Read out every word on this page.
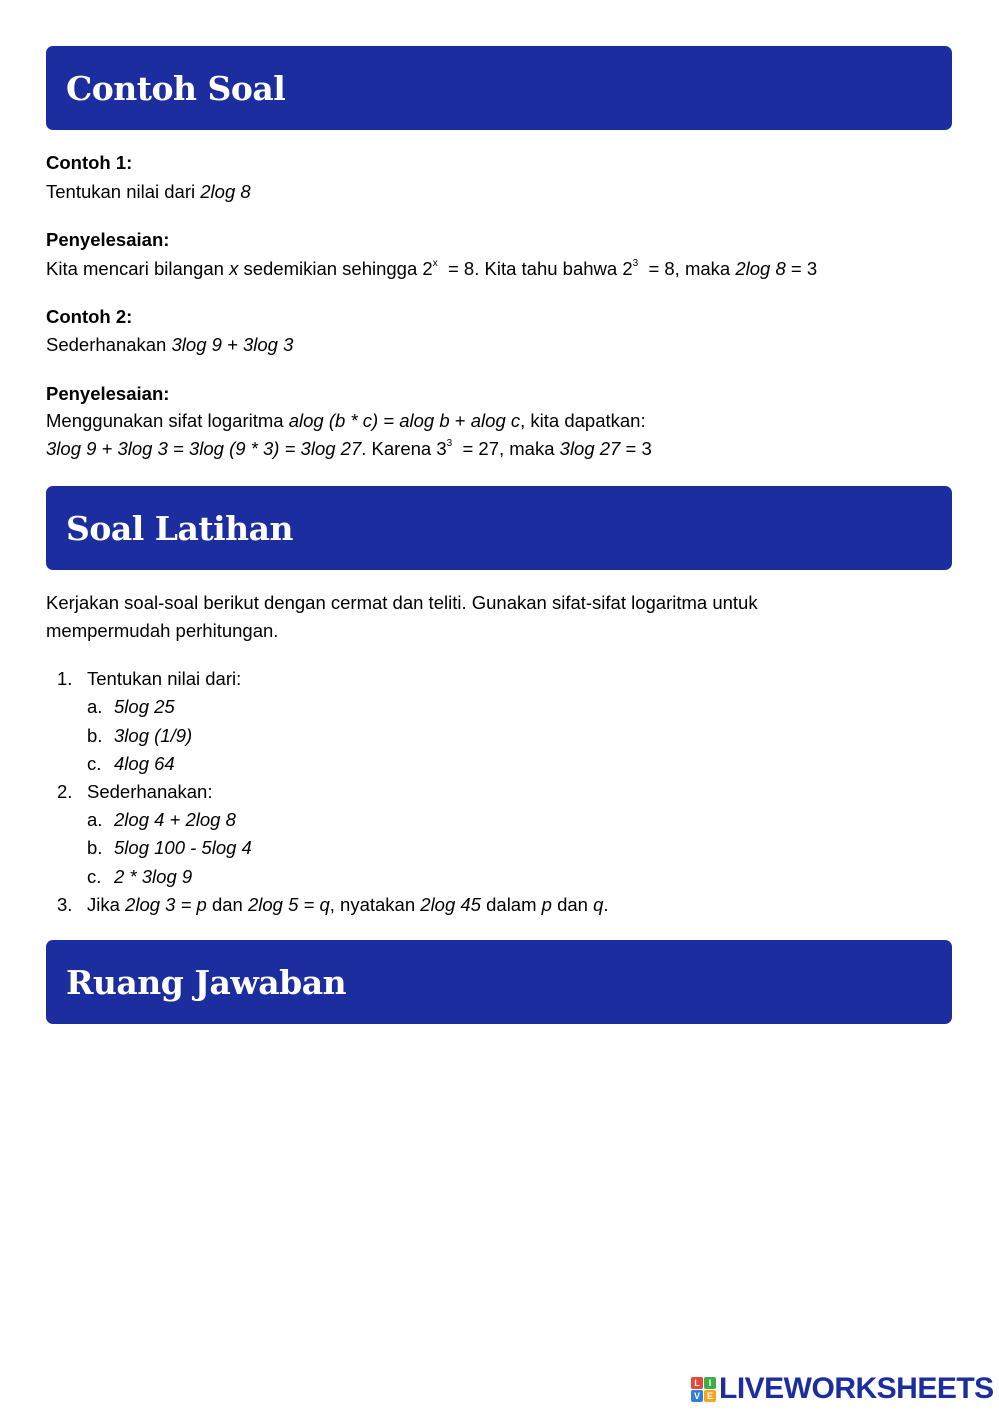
Contoh Soal
Contoh 1:
Tentukan nilai dari 2log 8
Penyelesaian:
Kita mencari bilangan x sedemikian sehingga 2$^x$  = 8. Kita tahu bahwa $2^3 = 8$, maka 2log 8 = 3
Contoh 2:
Sederhanakan 3log 9 + 3log 3
Penyelesaian:
Menggunakan sifat logaritma alog (b * c) = alog b + alog c, kita dapatkan:
3log 9 + 3log 3 = 3log (9 * 3) = 3log 27. Karena $3^3 = 27$, maka 3log 27 = 3
Soal Latihan
Kerjakan soal-soal berikut dengan cermat dan teliti. Gunakan sifat-sifat logaritma untuk
mempermudah perhitungan.
1. Tentukan nilai dari:
a. 5log 25
b. 3log (1/9)
c. 4log 64
2. Sederhanakan:
a. 2log 4 + 2log 8
b. 5log 100 - 5log 4
c. 2 * 3log 9
3. Jika 2log 3 = p dan 2log 5 = q, nyatakan 2log 45 dalam p dan q.
Ruang Jawaban
L I
V E LIVEWORKSHEETS
